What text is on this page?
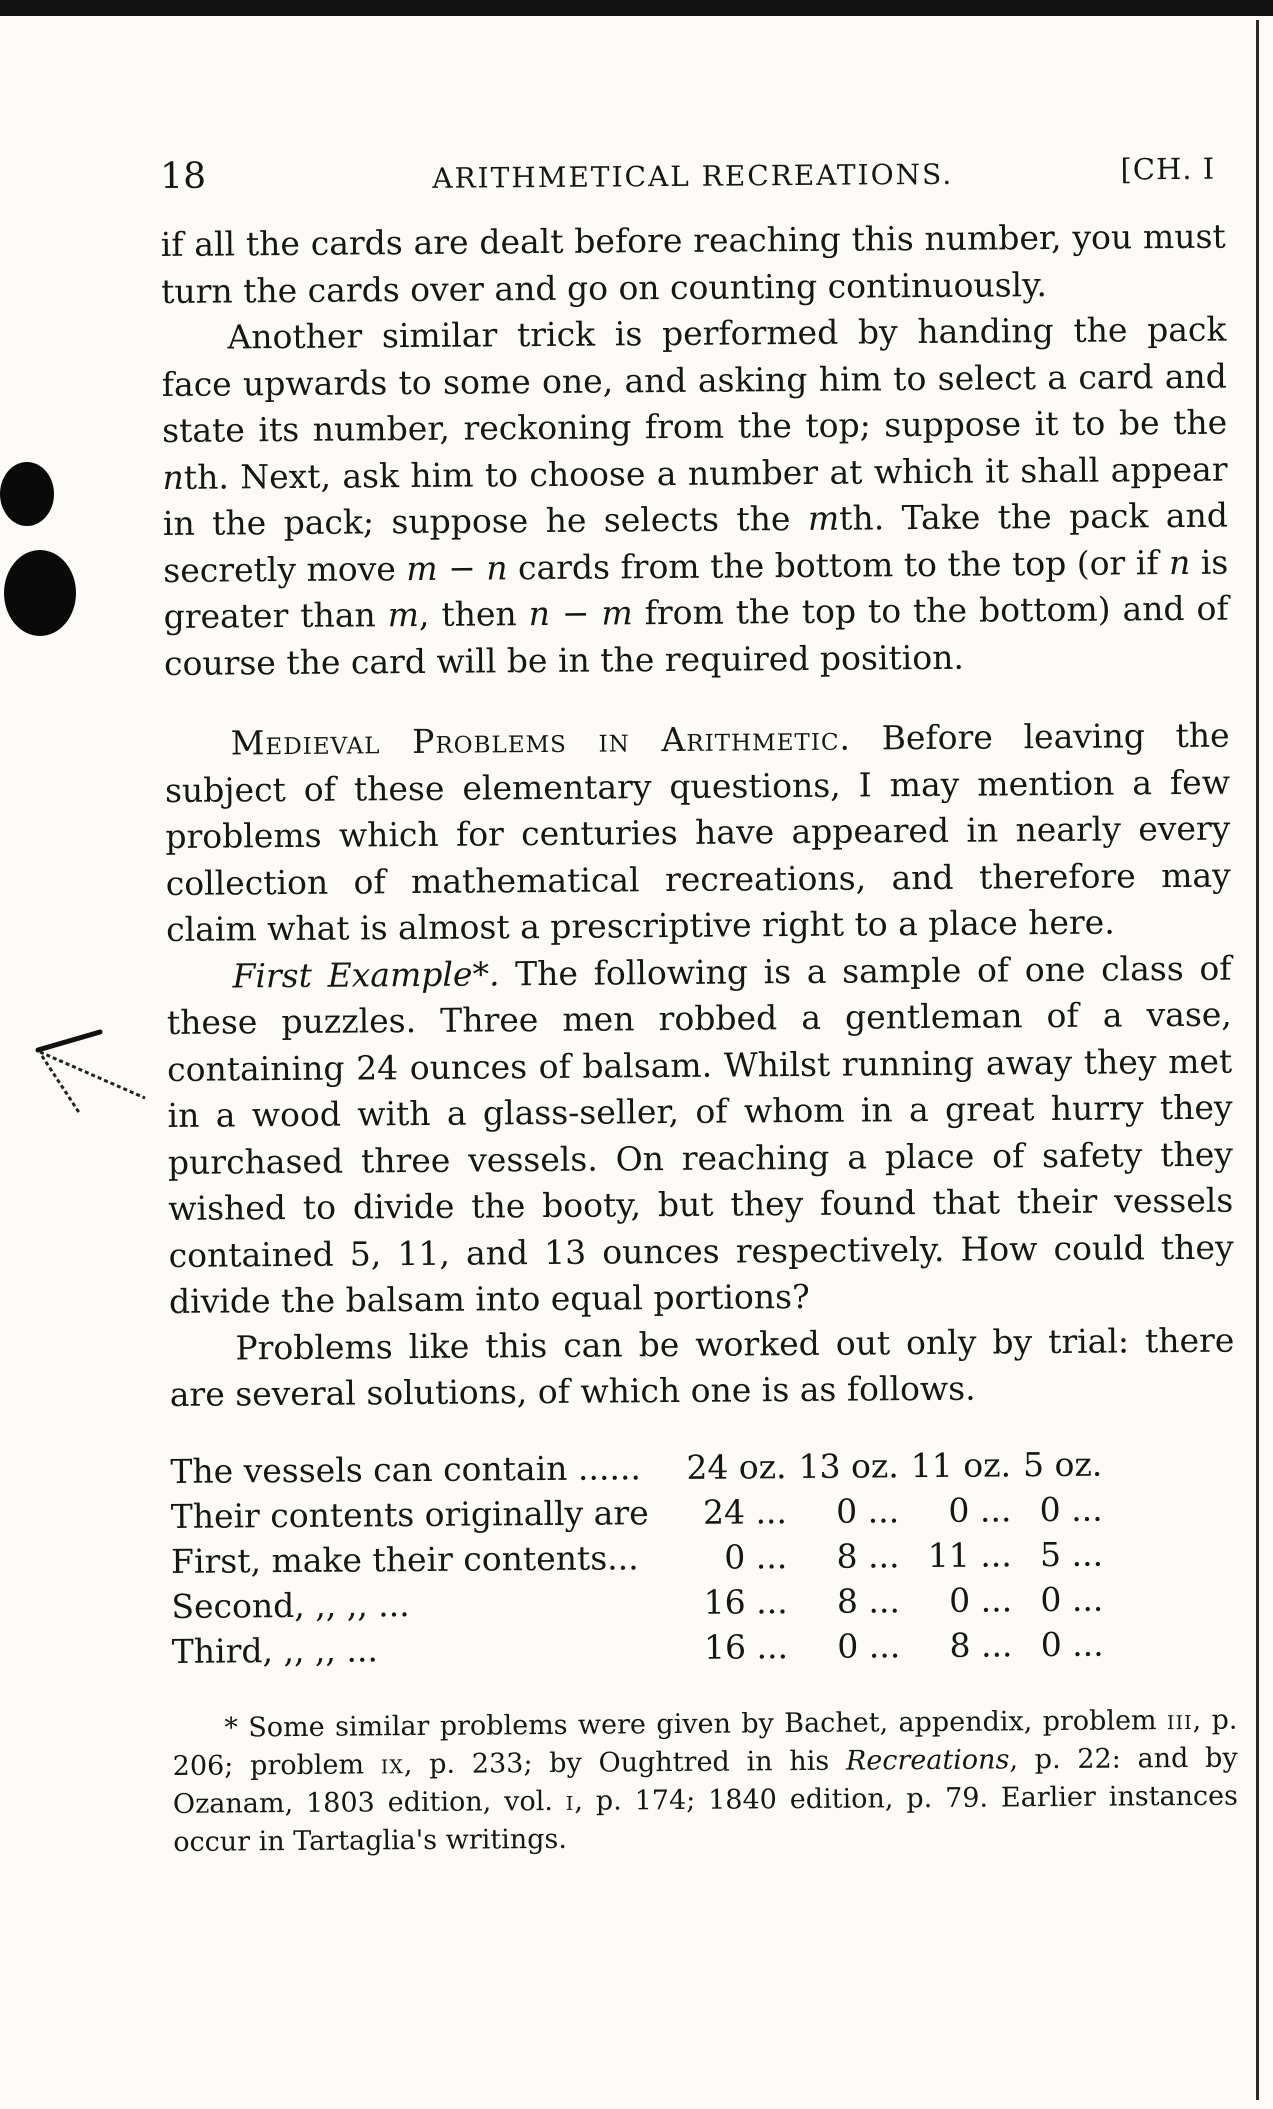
18	ARITHMETICAL RECREATIONS.	[CH. I

if all the cards are dealt before reaching this number, you must turn the cards over and go on counting continuously.

Another similar trick is performed by handing the pack face upwards to some one, and asking him to select a card and state its number, reckoning from the top; suppose it to be the nth. Next, ask him to choose a number at which it shall appear in the pack; suppose he selects the mth. Take the pack and secretly move m − n cards from the bottom to the top (or if n is greater than m, then n − m from the top to the bottom) and of course the card will be in the required position.

Medieval Problems in Arithmetic. Before leaving the subject of these elementary questions, I may mention a few problems which for centuries have appeared in nearly every collection of mathematical recreations, and therefore may claim what is almost a prescriptive right to a place here.

First Example*. The following is a sample of one class of these puzzles. Three men robbed a gentleman of a vase, containing 24 ounces of balsam. Whilst running away they met in a wood with a glass-seller, of whom in a great hurry they purchased three vessels. On reaching a place of safety they wished to divide the booty, but they found that their vessels contained 5, 11, and 13 ounces respectively. How could they divide the balsam into equal portions?

Problems like this can be worked out only by trial: there are several solutions, of which one is as follows.

The vessels can contain ......	24 oz.	13 oz.	11 oz.	5 oz.
Their contents originally are	24 ...	0 ...	0 ...	0 ...
First, make their contents...	0 ...	8 ...	11 ...	5 ...
Second, ,, ,, ...	16 ...	8 ...	0 ...	0 ...
Third, ,, ,, ...	16 ...	0 ...	8 ...	0 ...

* Some similar problems were given by Bachet, appendix, problem iii, p. 206; problem ix, p. 233; by Oughtred in his Recreations, p. 22: and by Ozanam, 1803 edition, vol. i, p. 174; 1840 edition, p. 79. Earlier instances occur in Tartaglia's writings.
